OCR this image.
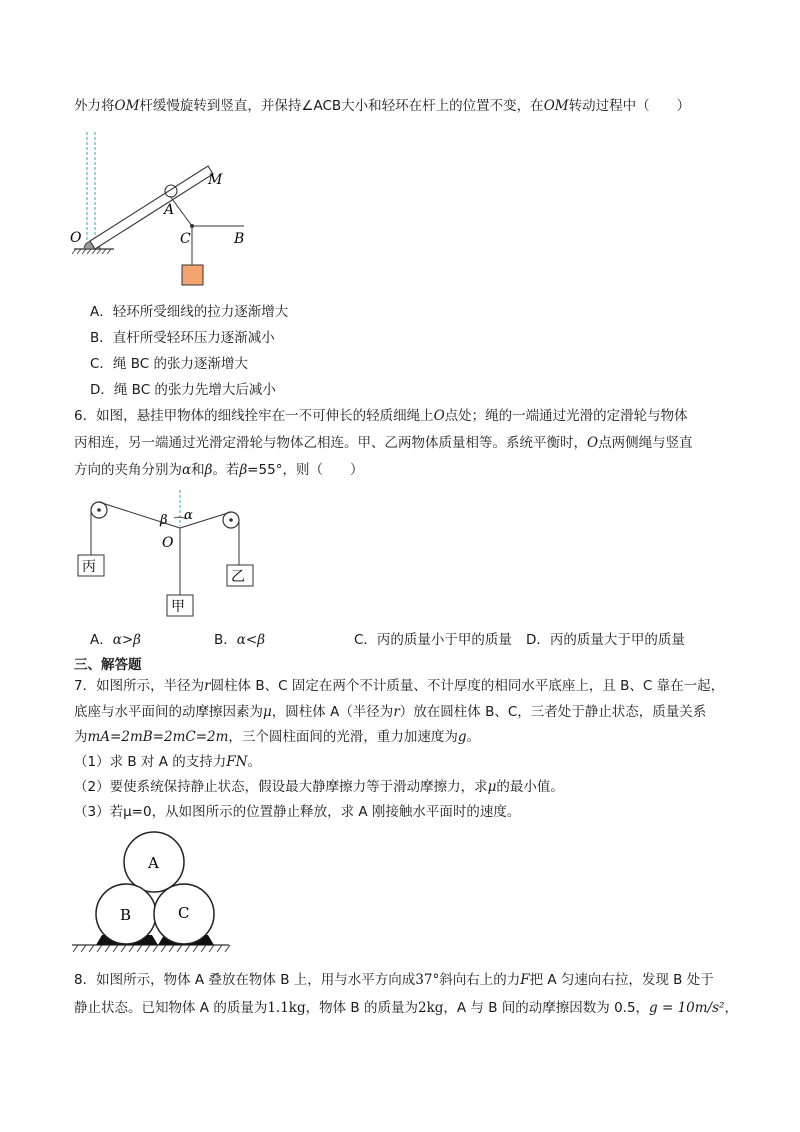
外力将OM杆缓慢旋转到竖直，并保持∠ACB大小和轻环在杆上的位置不变，在OM转动过程中（　　）
O
M
A
C	B
A．轻环所受细线的拉力逐渐增大
B．直杆所受轻环压力逐渐减小
C．绳 BC 的张力逐渐增大
D．绳 BC 的张力先增大后减小
6．如图，悬挂甲物体的细线拴牢在一不可伸长的轻质细绳上O点处；绳的一端通过光滑的定滑轮与物体
丙相连，另一端通过光滑定滑轮与物体乙相连。甲、乙两物体质量相等。系统平衡时，O点两侧绳与竖直
方向的夹角分别为α和β。若β=55°，则（　　）
β α
O
丙
乙
甲
A．α>β	B．α<β	C．丙的质量小于甲的质量 D．丙的质量大于甲的质量
三、解答题
7．如图所示，半径为r圆柱体 B、C 固定在两个不计质量、不计厚度的相同水平底座上，且 B、C 靠在一起，
底座与水平面间的动摩擦因素为μ，圆柱体 A（半径为r）放在圆柱体 B、C，三者处于静止状态，质量关系
为mA=2mB=2mC=2m，三个圆柱面间的光滑，重力加速度为g。
（1）求 B 对 A 的支持力FN。
（2）要使系统保持静止状态，假设最大静摩擦力等于滑动摩擦力，求μ的最小值。
（3）若μ=0，从如图所示的位置静止释放，求 A 刚接触水平面时的速度。
A
B	C
8．如图所示，物体 A 叠放在物体 B 上，用与水平方向成37°斜向右上的力F把 A 匀速向右拉，发现 B 处于
静止状态。已知物体 A 的质量为1.1kg，物体 B 的质量为2kg，A 与 B 间的动摩擦因数为 0.5，g = 10m/s²，
